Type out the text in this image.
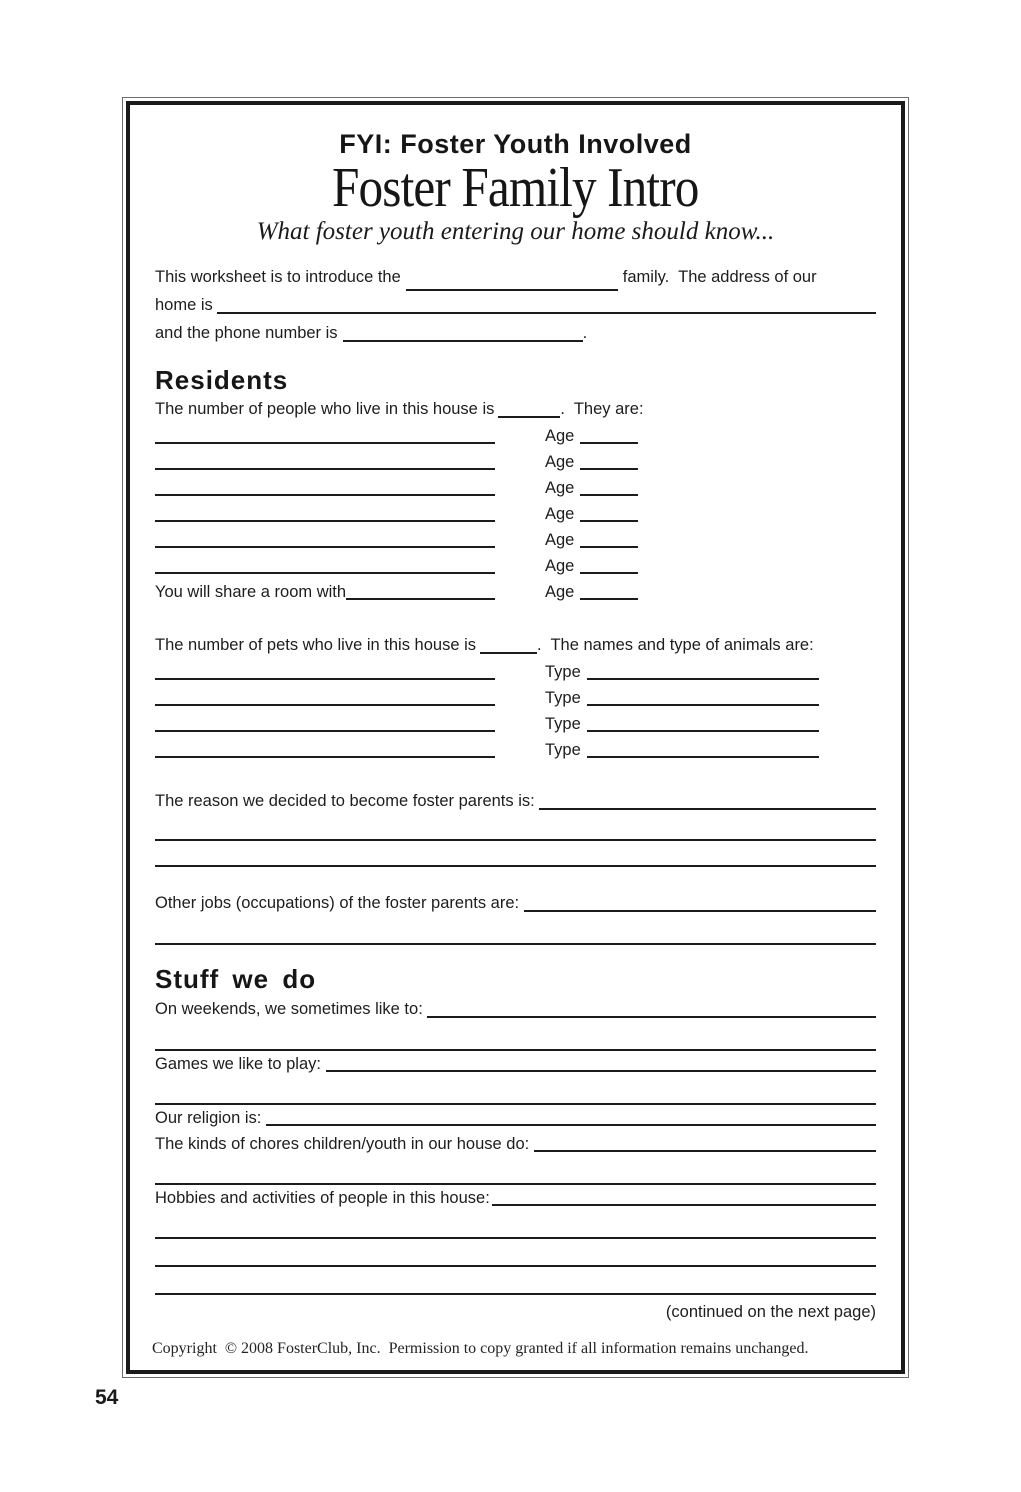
FYI: Foster Youth Involved
Foster Family Intro
What foster youth entering our home should know...
This worksheet is to introduce the	family.  The address of our
home is
and the phone number is	.
Residents
The number of people who live in this house is	.  They are:
Age
Age
Age
Age
Age
Age
You will share a room with	Age
The number of pets who live in this house is	.  The names and type of animals are:
Type
Type
Type
Type
The reason we decided to become foster parents is:
Other jobs (occupations) of the foster parents are:
Stuff we do
On weekends, we sometimes like to:
Games we like to play:
Our religion is:
The kinds of chores children/youth in our house do:
Hobbies and activities of people in this house:
(continued on the next page)
Copyright  © 2008 FosterClub, Inc.  Permission to copy granted if all information remains unchanged.
54
